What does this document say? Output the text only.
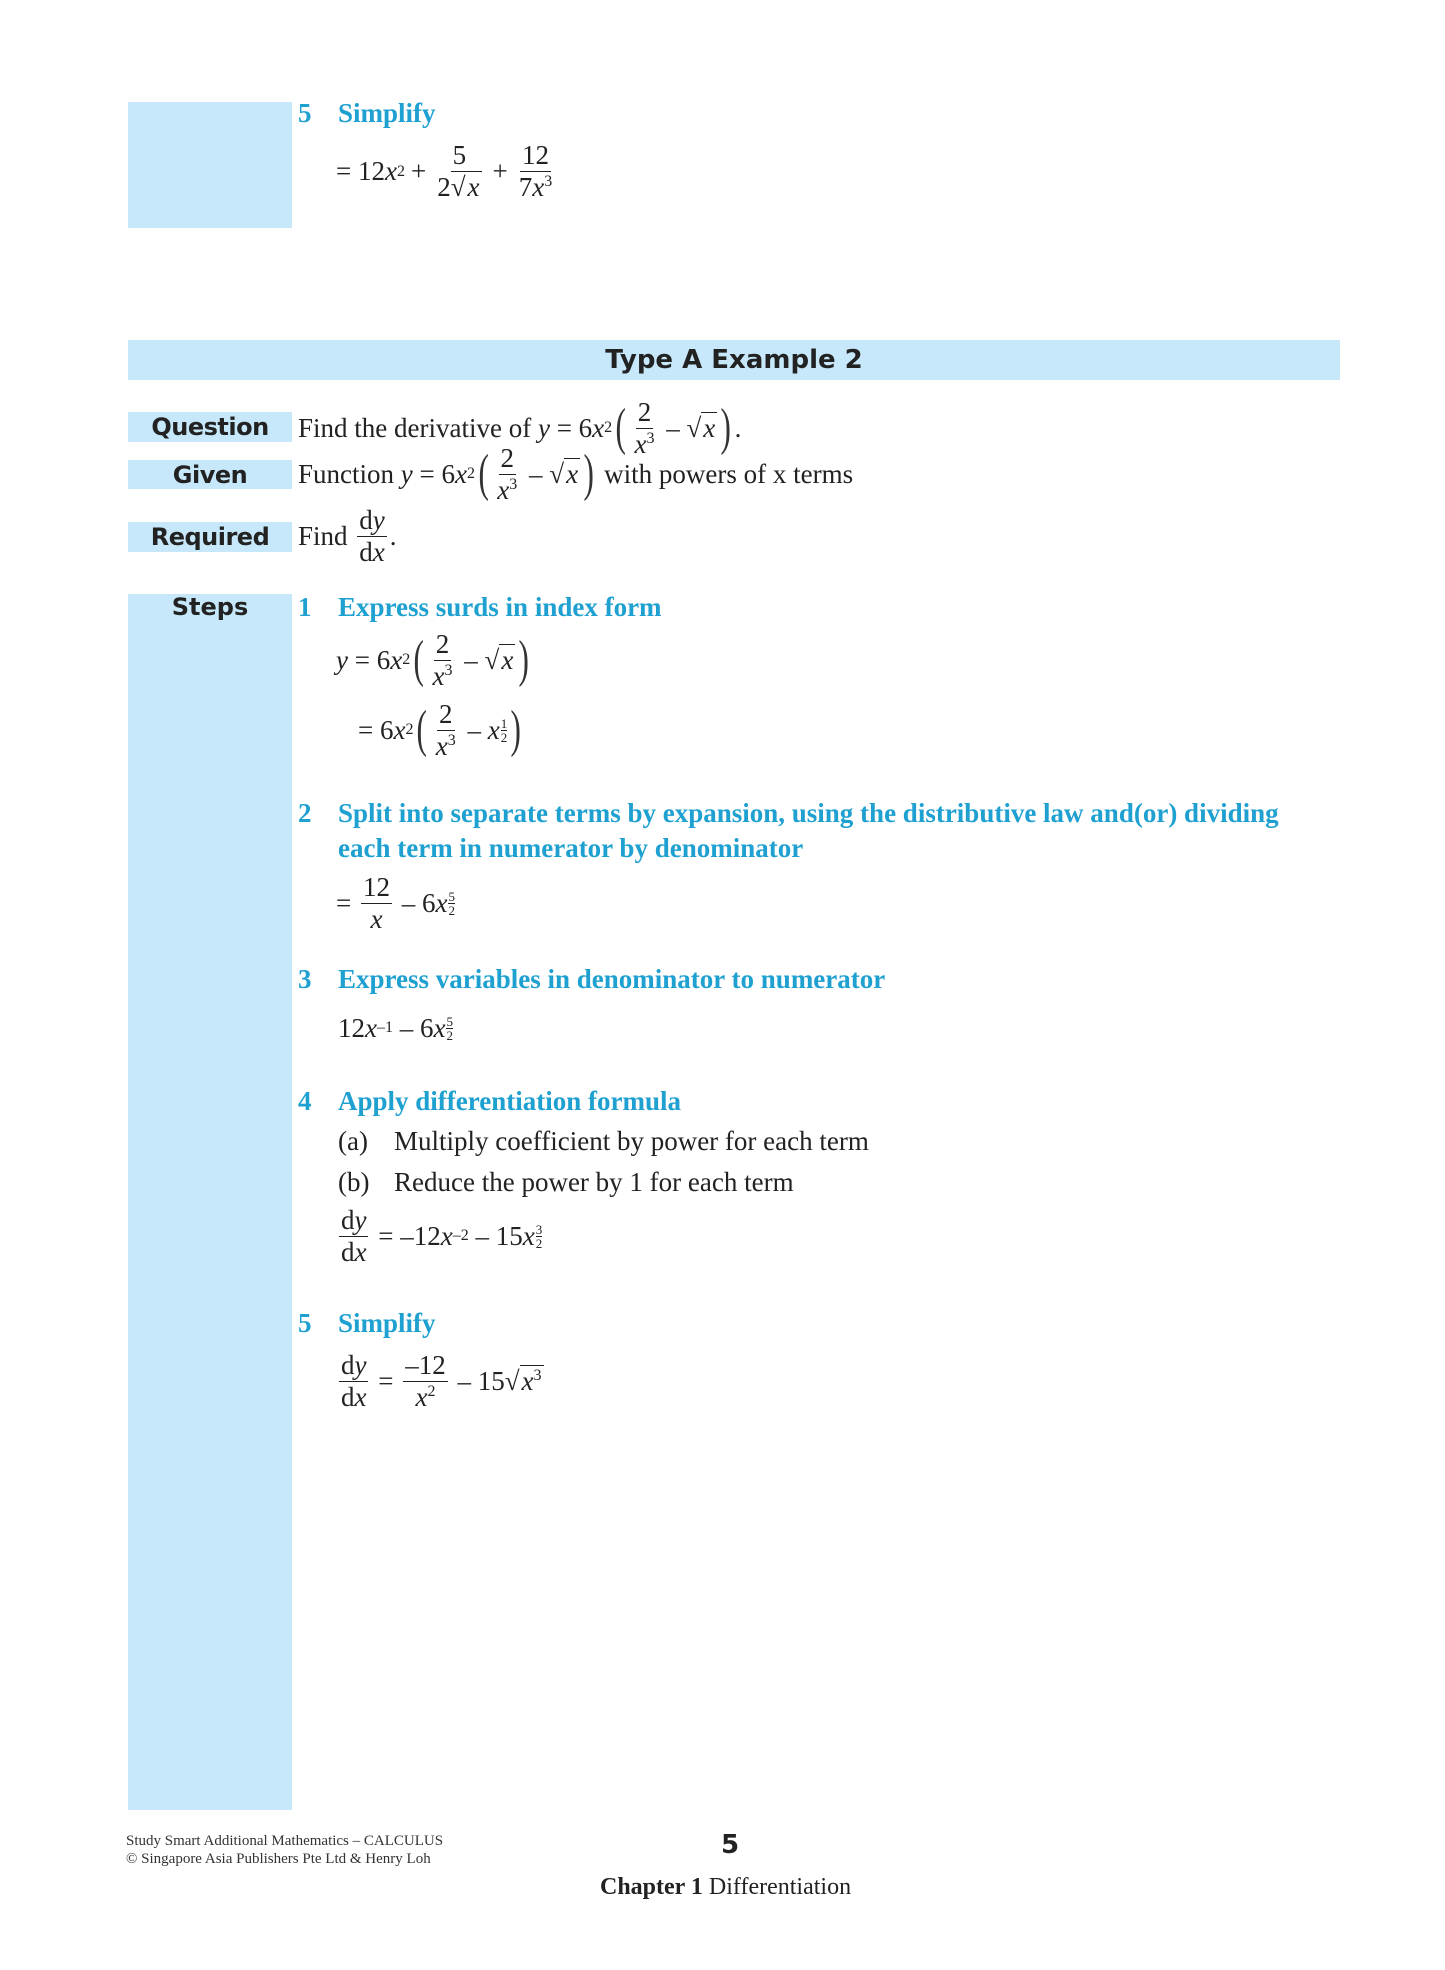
5 Simplify
= 12 x $2 + \frac{5}{2√x} + \frac{12}{7x^3}$
Type A Example 2
Question	Find the derivative of
y = 6 x 2 ( $\frac{2}{x^3}$ – √ x ) .
Given	Function
y = 6 x 2 ( $\frac{2}{x^3}$ – √ x )
with powers of x terms
Required	Find
$\frac{dy}{dx}$ .
Steps	1 Express surds in index form
y = 6 x 2 ( $\frac{2}{x^3}$ – √ x )
= 6 x 2 ( $\frac{2}{x^3}$ – x 1
2 )
2 Split into separate terms by expansion, using the distributive law and(or) dividing
each term in numerator by denominator
= $\frac{12}{x} - 6$ x 5
2
3 Express variables in denominator to numerator
12 x –1 – 6 x 5
2
4 Apply differentiation formula
(a) Multiply coefficient by power for each term
(b) Reduce the power by 1 for each term
$\frac{dy}{dx} = -12$ x –2 – 15 x 3
2
5 Simplify
$\frac{dy}{dx} = \frac{-12}{x^2} - 15√$ $x^3$
Study Smart Additional Mathematics – CALCULUS
© Singapore Asia Publishers Pte Ltd & Henry Loh	5
Chapter 1 Differentiation
